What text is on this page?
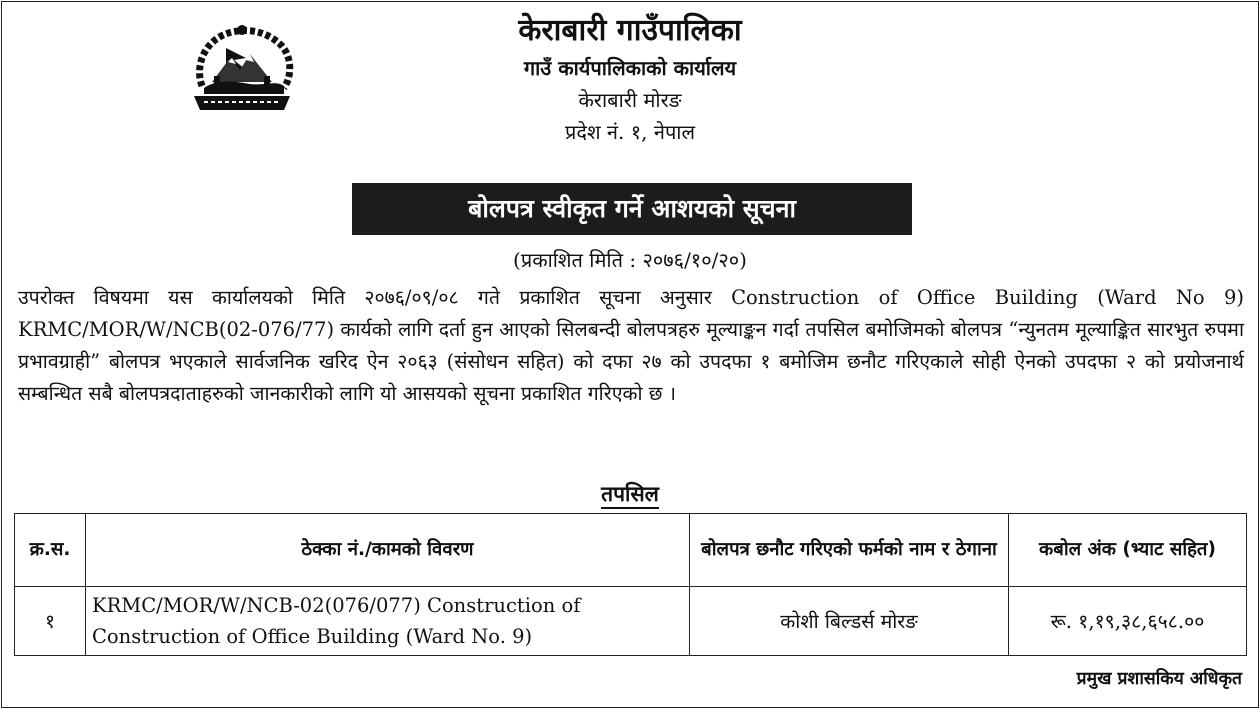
केराबारी गाउँपालिका
गाउँ कार्यपालिकाको कार्यालय
केराबारी मोरङ
प्रदेश नं. १, नेपाल
बोलपत्र स्वीकृत गर्ने आशयको सूचना
(प्रकाशित मिति : २०७६/१०/२०)
उपरोक्त विषयमा यस कार्यालयको मिति २०७६/०९/०८ गते प्रकाशित सूचना अनुसार Construction of Office Building (Ward No 9) KRMC/MOR/W/NCB(02-076/77) कार्यको लागि दर्ता हुन आएको सिलबन्दी बोलपत्रहरु मूल्याङ्कन गर्दा तपसिल बमोजिमको बोलपत्र “न्युनतम मूल्याङ्कित सारभुत रुपमा प्रभावग्राही” बोलपत्र भएकाले सार्वजनिक खरिद ऐन २०६३ (संसोधन सहित) को दफा २७ को उपदफा १ बमोजिम छनौट गरिएकाले सोही ऐनको उपदफा २ को प्रयोजनार्थ सम्बन्धित सबै बोलपत्रदाताहरुको जानकारीको लागि यो आसयको सूचना प्रकाशित गरिएको छ ।
तपसिल
क्र.स.	ठेक्का नं./कामको विवरण	बोलपत्र छनौट गरिएको फर्मको नाम र ठेगाना	कबोल अंक (भ्याट सहित)
१	KRMC/MOR/W/NCB-02(076/077) Construction of Construction of Office Building (Ward No. 9)	कोशी बिल्डर्स मोरङ	रू. १,१९,३८,६५८.००
प्रमुख प्रशासकिय अधिकृत
